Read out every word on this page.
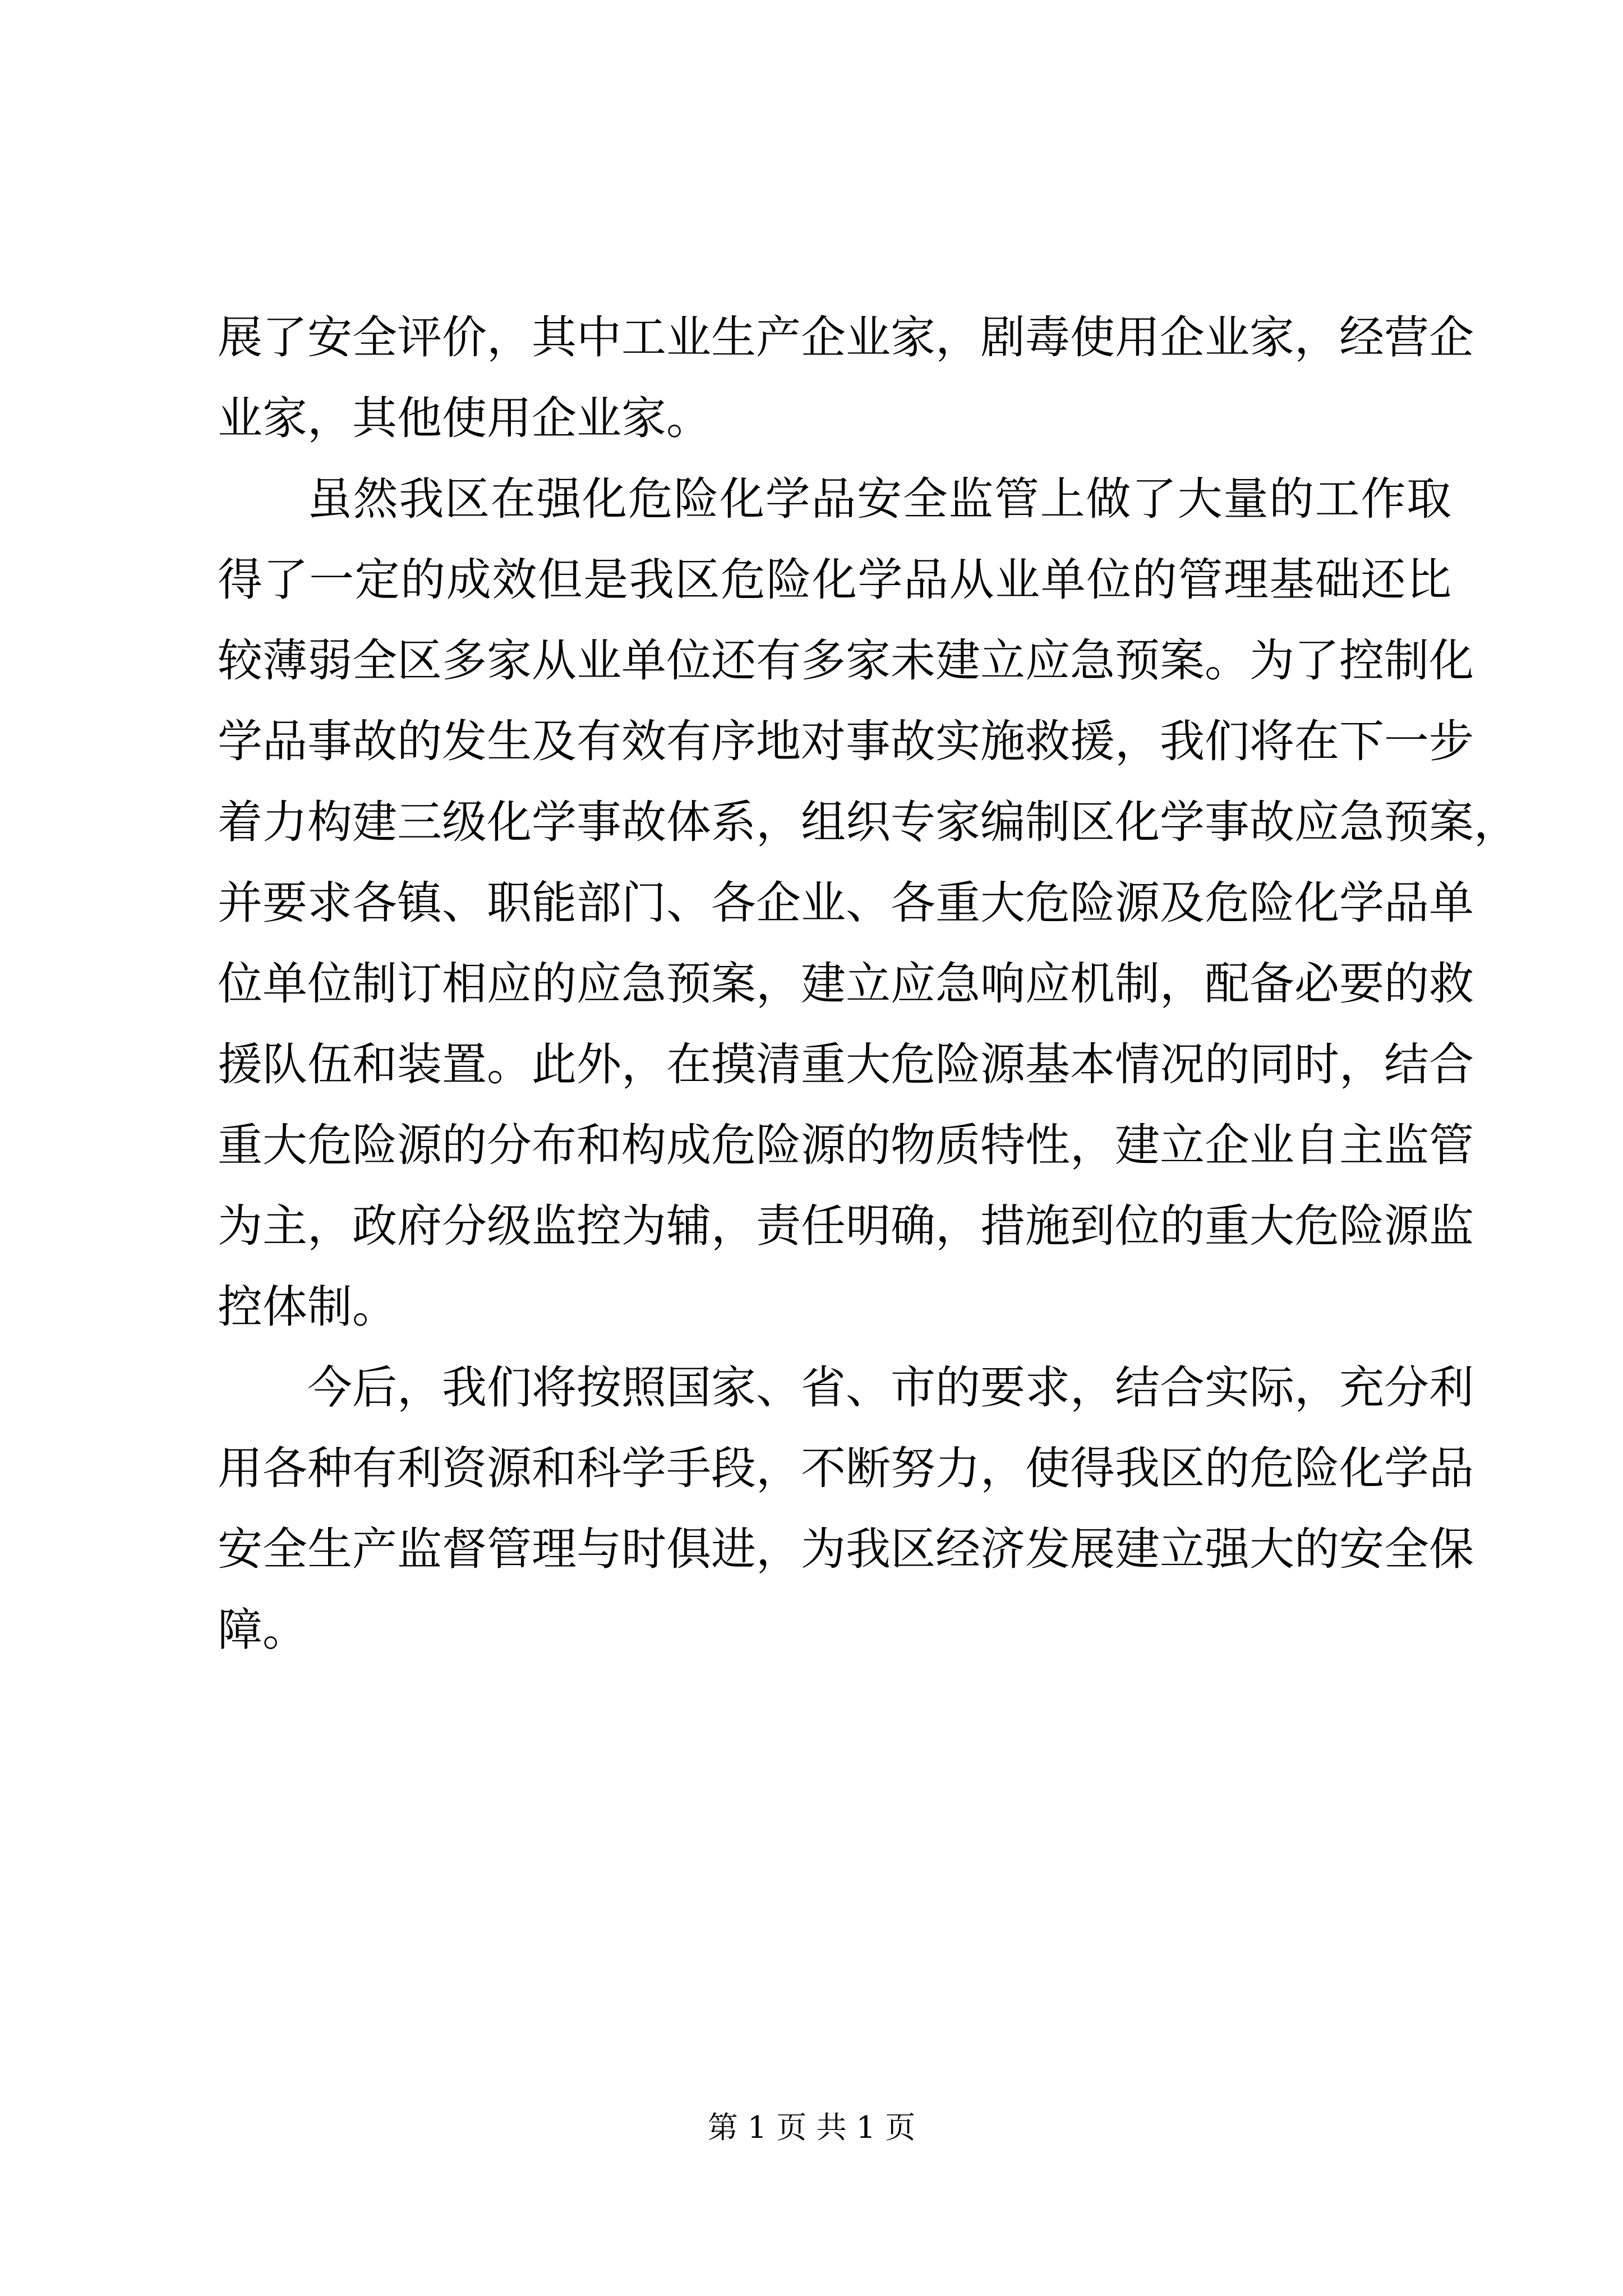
展了安全评价，其中工业生产企业家，剧毒使用企业家，经营企
业家，其他使用企业家。
虽然我区在强化危险化学品安全监管上做了大量的工作取
得了一定的成效但是我区危险化学品从业单位的管理基础还比
较薄弱全区多家从业单位还有多家未建立应急预案。为了控制化
学品事故的发生及有效有序地对事故实施救援，我们将在下一步
着力构建三级化学事故体系，组织专家编制区化学事故应急预案，
并要求各镇、职能部门、各企业、各重大危险源及危险化学品单
位单位制订相应的应急预案，建立应急响应机制，配备必要的救
援队伍和装置。此外，在摸清重大危险源基本情况的同时，结合
重大危险源的分布和构成危险源的物质特性，建立企业自主监管
为主，政府分级监控为辅，责任明确，措施到位的重大危险源监
控体制。
今后，我们将按照国家、省、市的要求，结合实际，充分利
用各种有利资源和科学手段，不断努力，使得我区的危险化学品
安全生产监督管理与时俱进，为我区经济发展建立强大的安全保
障。
第 1 页 共 1 页
